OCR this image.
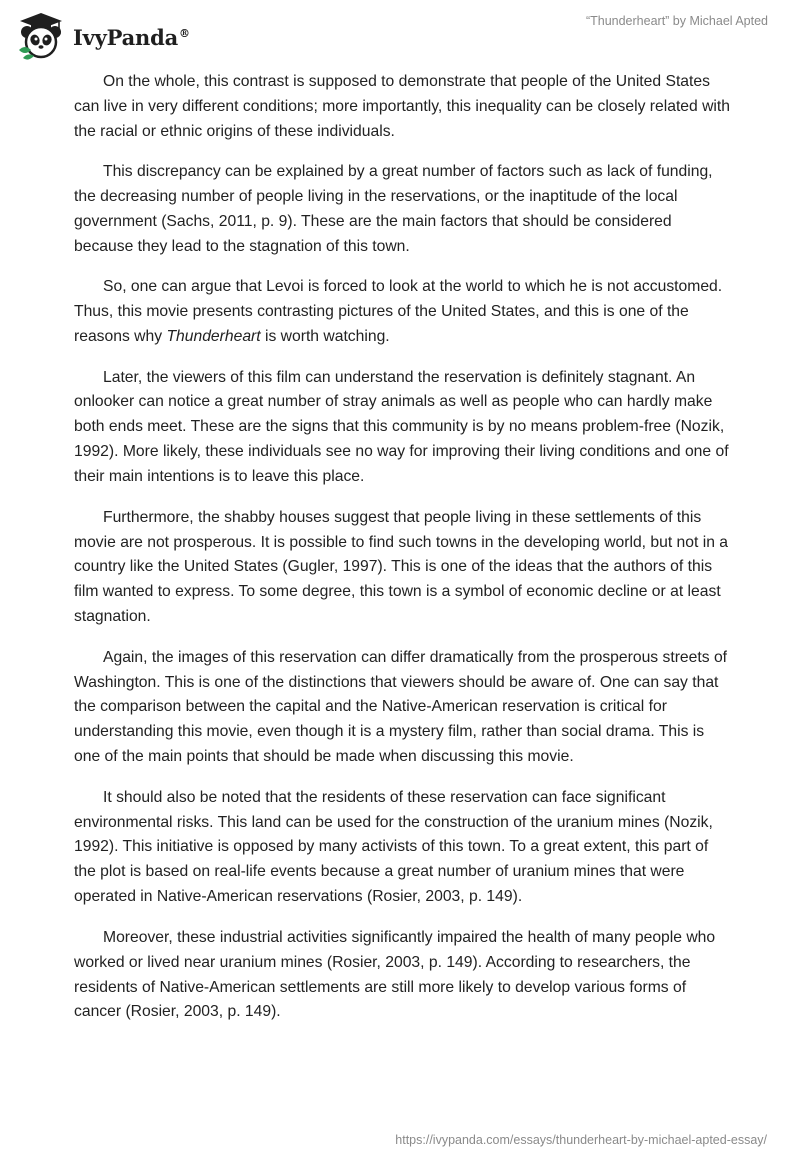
IvyPanda®
“Thunderheart” by Michael Apted

On the whole, this contrast is supposed to demonstrate that people of the United States can live in very different conditions; more importantly, this inequality can be closely related with the racial or ethnic origins of these individuals.

This discrepancy can be explained by a great number of factors such as lack of funding, the decreasing number of people living in the reservations, or the inaptitude of the local government (Sachs, 2011, p. 9). These are the main factors that should be considered because they lead to the stagnation of this town.

So, one can argue that Levoi is forced to look at the world to which he is not accustomed. Thus, this movie presents contrasting pictures of the United States, and this is one of the reasons why Thunderheart is worth watching.

Later, the viewers of this film can understand the reservation is definitely stagnant. An onlooker can notice a great number of stray animals as well as people who can hardly make both ends meet. These are the signs that this community is by no means problem-free (Nozik, 1992). More likely, these individuals see no way for improving their living conditions and one of their main intentions is to leave this place.

Furthermore, the shabby houses suggest that people living in these settlements of this movie are not prosperous. It is possible to find such towns in the developing world, but not in a country like the United States (Gugler, 1997). This is one of the ideas that the authors of this film wanted to express. To some degree, this town is a symbol of economic decline or at least stagnation.

Again, the images of this reservation can differ dramatically from the prosperous streets of Washington. This is one of the distinctions that viewers should be aware of. One can say that the comparison between the capital and the Native-American reservation is critical for understanding this movie, even though it is a mystery film, rather than social drama. This is one of the main points that should be made when discussing this movie.

It should also be noted that the residents of these reservation can face significant environmental risks. This land can be used for the construction of the uranium mines (Nozik, 1992). This initiative is opposed by many activists of this town. To a great extent, this part of the plot is based on real-life events because a great number of uranium mines that were operated in Native-American reservations (Rosier, 2003, p. 149).

Moreover, these industrial activities significantly impaired the health of many people who worked or lived near uranium mines (Rosier, 2003, p. 149). According to researchers, the residents of Native-American settlements are still more likely to develop various forms of cancer (Rosier, 2003, p. 149).

https://ivypanda.com/essays/thunderheart-by-michael-apted-essay/
